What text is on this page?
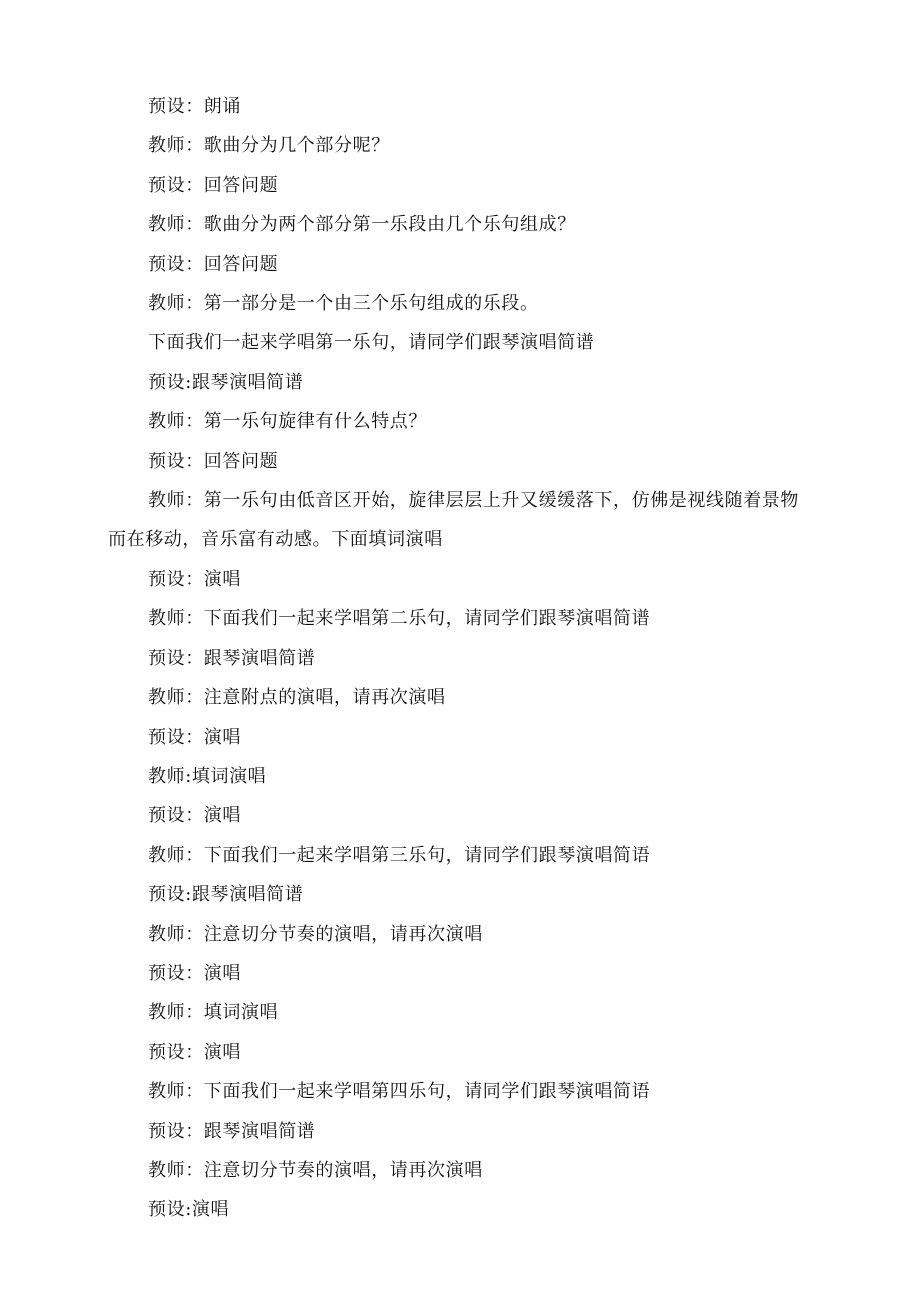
预设：朗诵

教师：歌曲分为几个部分呢？

预设：回答问题

教师：歌曲分为两个部分第一乐段由几个乐句组成？

预设：回答问题

教师：第一部分是一个由三个乐句组成的乐段。

下面我们一起来学唱第一乐句，请同学们跟琴演唱简谱

预设:跟琴演唱简谱

教师：第一乐句旋律有什么特点？

预设：回答问题

教师：第一乐句由低音区开始，旋律层层上升又缓缓落下，仿佛是视线随着景物而在移动，音乐富有动感。下面填词演唱

预设：演唱

教师：下面我们一起来学唱第二乐句，请同学们跟琴演唱简谱

预设：跟琴演唱简谱

教师：注意附点的演唱，请再次演唱

预设：演唱

教师:填词演唱

预设：演唱

教师：下面我们一起来学唱第三乐句，请同学们跟琴演唱简语

预设:跟琴演唱简谱

教师：注意切分节奏的演唱，请再次演唱

预设：演唱

教师：填词演唱

预设：演唱

教师：下面我们一起来学唱第四乐句，请同学们跟琴演唱简语

预设：跟琴演唱简谱

教师：注意切分节奏的演唱，请再次演唱

预设:演唱
